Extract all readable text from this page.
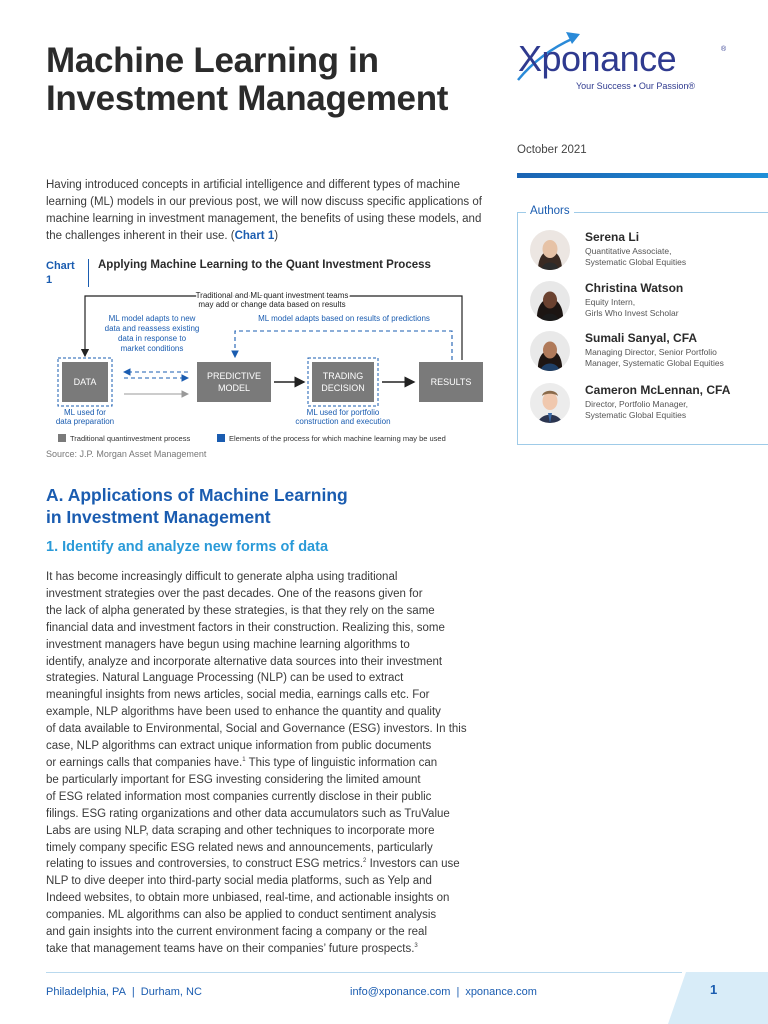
Machine Learning in
Investment Management
Xponance	®
Your Success • Our Passion®
October 2021

Having introduced concepts in artificial intelligence and different types of machine learning (ML) models in our previous post, we will now discuss specific applications of machine learning in investment management, the benefits of using these models, and the challenges inherent in their use. (Chart 1)

Chart 1
Applying Machine Learning to the Quant Investment Process
Traditional and ML quant investment teams
may add or change data based on results
ML model adapts based on results of predictions
ML model adapts to new
data and reassess existing
data in response to
market conditions
DATA
PREDICTIVE
MODEL
TRADING
DECISION
RESULTS
ML used for
data preparation
ML used for portfolio
construction and execution
Traditional quantinvestment process	Elements of the process for which machine learning may be used
Source: J.P. Morgan Asset Management
A. Applications of Machine Learning
in Investment Management
1. Identify and analyze new forms of data
It has become increasingly difficult to generate alpha using traditional
investment strategies over the past decades. One of the reasons given for
the lack of alpha generated by these strategies, is that they rely on the same
financial data and investment factors in their construction. Realizing this, some
investment managers have begun using machine learning algorithms to
identify, analyze and incorporate alternative data sources into their investment
strategies. Natural Language Processing (NLP) can be used to extract
meaningful insights from news articles, social media, earnings calls etc. For
example, NLP algorithms have been used to enhance the quantity and quality
of data available to Environmental, Social and Governance (ESG) investors. In this
case, NLP algorithms can extract unique information from public documents
or earnings calls that companies have.$^1$ This type of linguistic information can
be particularly important for ESG investing considering the limited amount
of ESG related information most companies currently disclose in their public
filings. ESG rating organizations and other data accumulators such as TruValue
Labs are using NLP, data scraping and other techniques to incorporate more
timely company specific ESG related news and announcements, particularly
relating to issues and controversies, to construct ESG metrics.$^2$ Investors can use
NLP to dive deeper into third-party social media platforms, such as Yelp and
Indeed websites, to obtain more unbiased, real-time, and actionable insights on
companies. ML algorithms can also be applied to conduct sentiment analysis
and gain insights into the current environment facing a company or the real
take that management teams have on their companies’ future prospects.$^3$
Authors
Serena Li
Quantitative Associate,
Systematic Global Equities
Christina Watson
Equity Intern,
Girls Who Invest Scholar
Sumali Sanyal, CFA
Managing Director, Senior Portfolio
Manager, Systematic Global Equities
Cameron McLennan, CFA
Director, Portfolio Manager,
Systematic Global Equities
Philadelphia, PA | Durham, NC	info@xponance.com | xponance.com	1
